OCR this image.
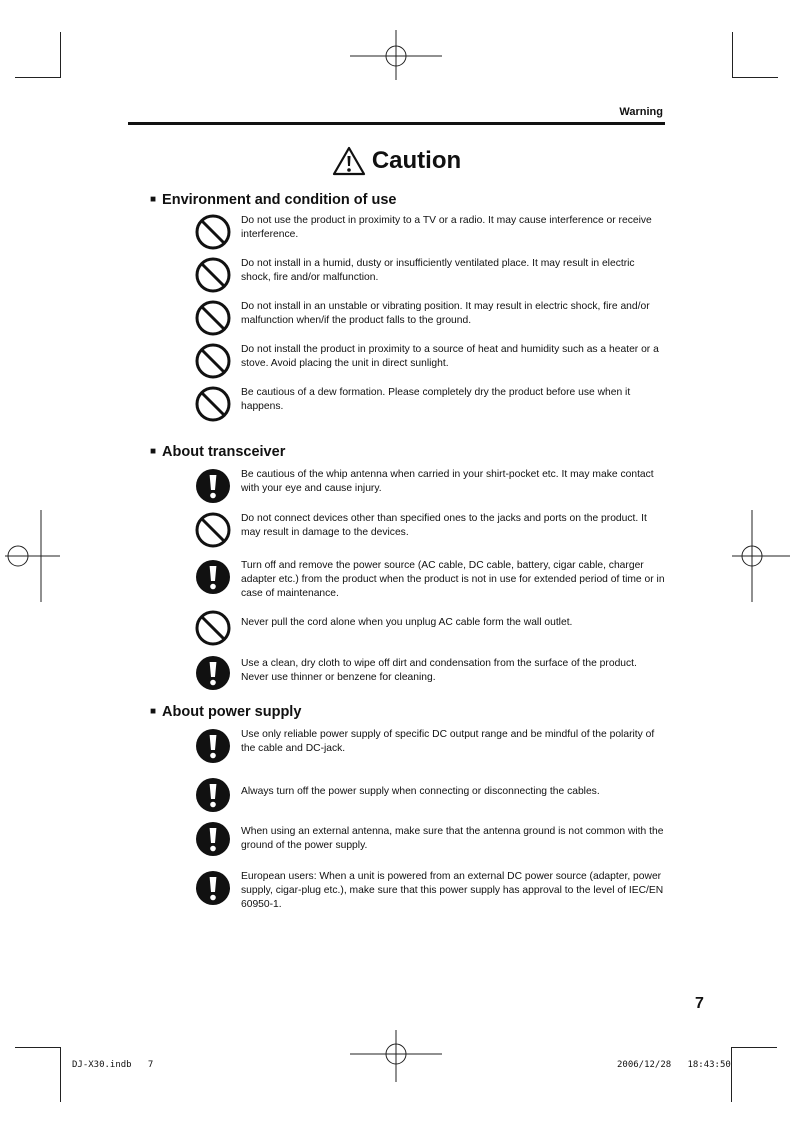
Warning
Caution
■ Environment and condition of use
Do not use the product in proximity to a TV or a radio. It may cause interference or receive interference.
Do not install in a humid, dusty or insufficiently ventilated place. It may result in electric shock, fire and/or malfunction.
Do not install in an unstable or vibrating position. It may result in electric shock, fire and/or malfunction when/if the product falls to the ground.
Do not install the product in proximity to a source of heat and humidity such as a heater or a stove. Avoid placing the unit in direct sunlight.
Be cautious of a dew formation. Please completely dry the product before use when it happens.
■ About transceiver
Be cautious of the whip antenna when carried in your shirt-pocket etc. It may make contact with your eye and cause injury.
Do not connect devices other than specified ones to the jacks and ports on the product. It may result in damage to the devices.
Turn off and remove the power source (AC cable, DC cable, battery, cigar cable, charger adapter etc.) from the product when the product is not in use for extended period of time or in case of maintenance.
Never pull the cord alone when you unplug AC cable form the wall outlet.
Use a clean, dry cloth to wipe off dirt and condensation from the surface of the product. Never use thinner or benzene for cleaning.
■ About power supply
Use only reliable power supply of specific DC output range and be mindful of the polarity of the cable and DC-jack.
Always turn off the power supply when connecting or disconnecting the cables.
When using an external antenna, make sure that the antenna ground is not common with the ground of the power supply.
European users: When a unit is powered from an external DC power source (adapter, power supply, cigar-plug etc.), make sure that this power supply has approval to the level of IEC/EN 60950-1.
7
DJ-X30.indb   7	2006/12/28   18:43:50
